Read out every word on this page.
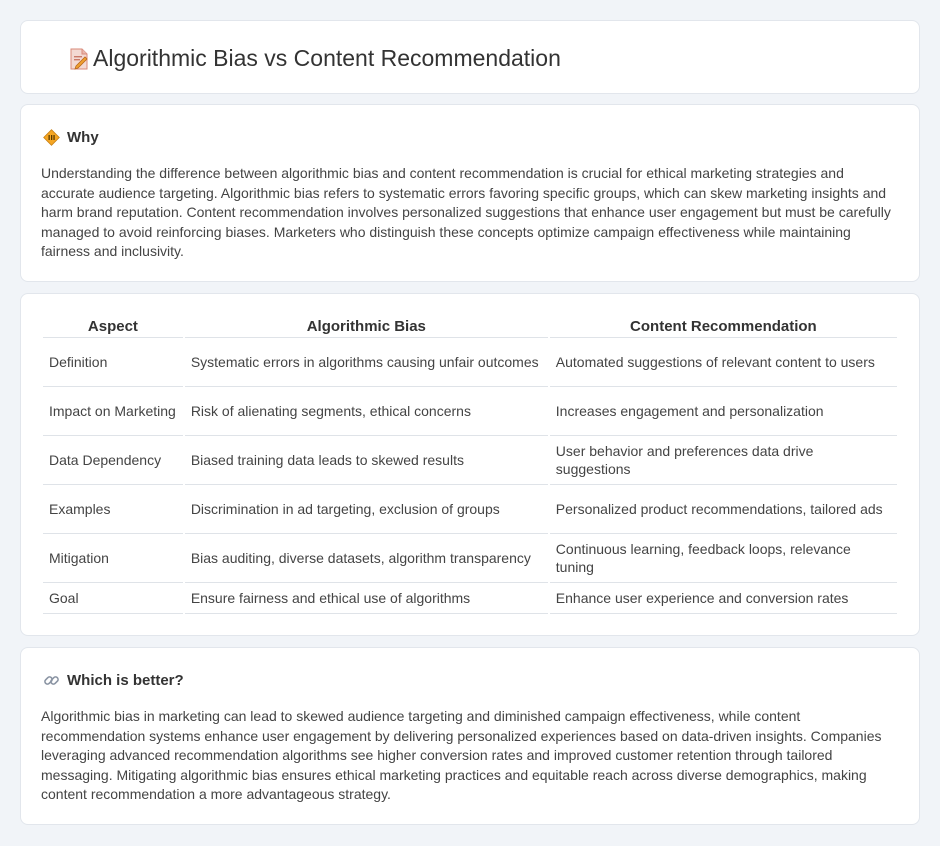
Algorithmic Bias vs Content Recommendation
Why

Understanding the difference between algorithmic bias and content recommendation is crucial for ethical marketing strategies and accurate audience targeting. Algorithmic bias refers to systematic errors favoring specific groups, which can skew marketing insights and harm brand reputation. Content recommendation involves personalized suggestions that enhance user engagement but must be carefully managed to avoid reinforcing biases. Marketers who distinguish these concepts optimize campaign effectiveness while maintaining fairness and inclusivity.

Aspect	Algorithmic Bias	Content Recommendation
Definition	Systematic errors in algorithms causing unfair outcomes	Automated suggestions of relevant content to users
Impact on Marketing	Risk of alienating segments, ethical concerns	Increases engagement and personalization
Data Dependency	Biased training data leads to skewed results	User behavior and preferences data drive suggestions
Examples	Discrimination in ad targeting, exclusion of groups	Personalized product recommendations, tailored ads
Mitigation	Bias auditing, diverse datasets, algorithm transparency	Continuous learning, feedback loops, relevance tuning
Goal	Ensure fairness and ethical use of algorithms	Enhance user experience and conversion rates
Which is better?

Algorithmic bias in marketing can lead to skewed audience targeting and diminished campaign effectiveness, while content recommendation systems enhance user engagement by delivering personalized experiences based on data-driven insights. Companies leveraging advanced recommendation algorithms see higher conversion rates and improved customer retention through tailored messaging. Mitigating algorithmic bias ensures ethical marketing practices and equitable reach across diverse demographics, making content recommendation a more advantageous strategy.
